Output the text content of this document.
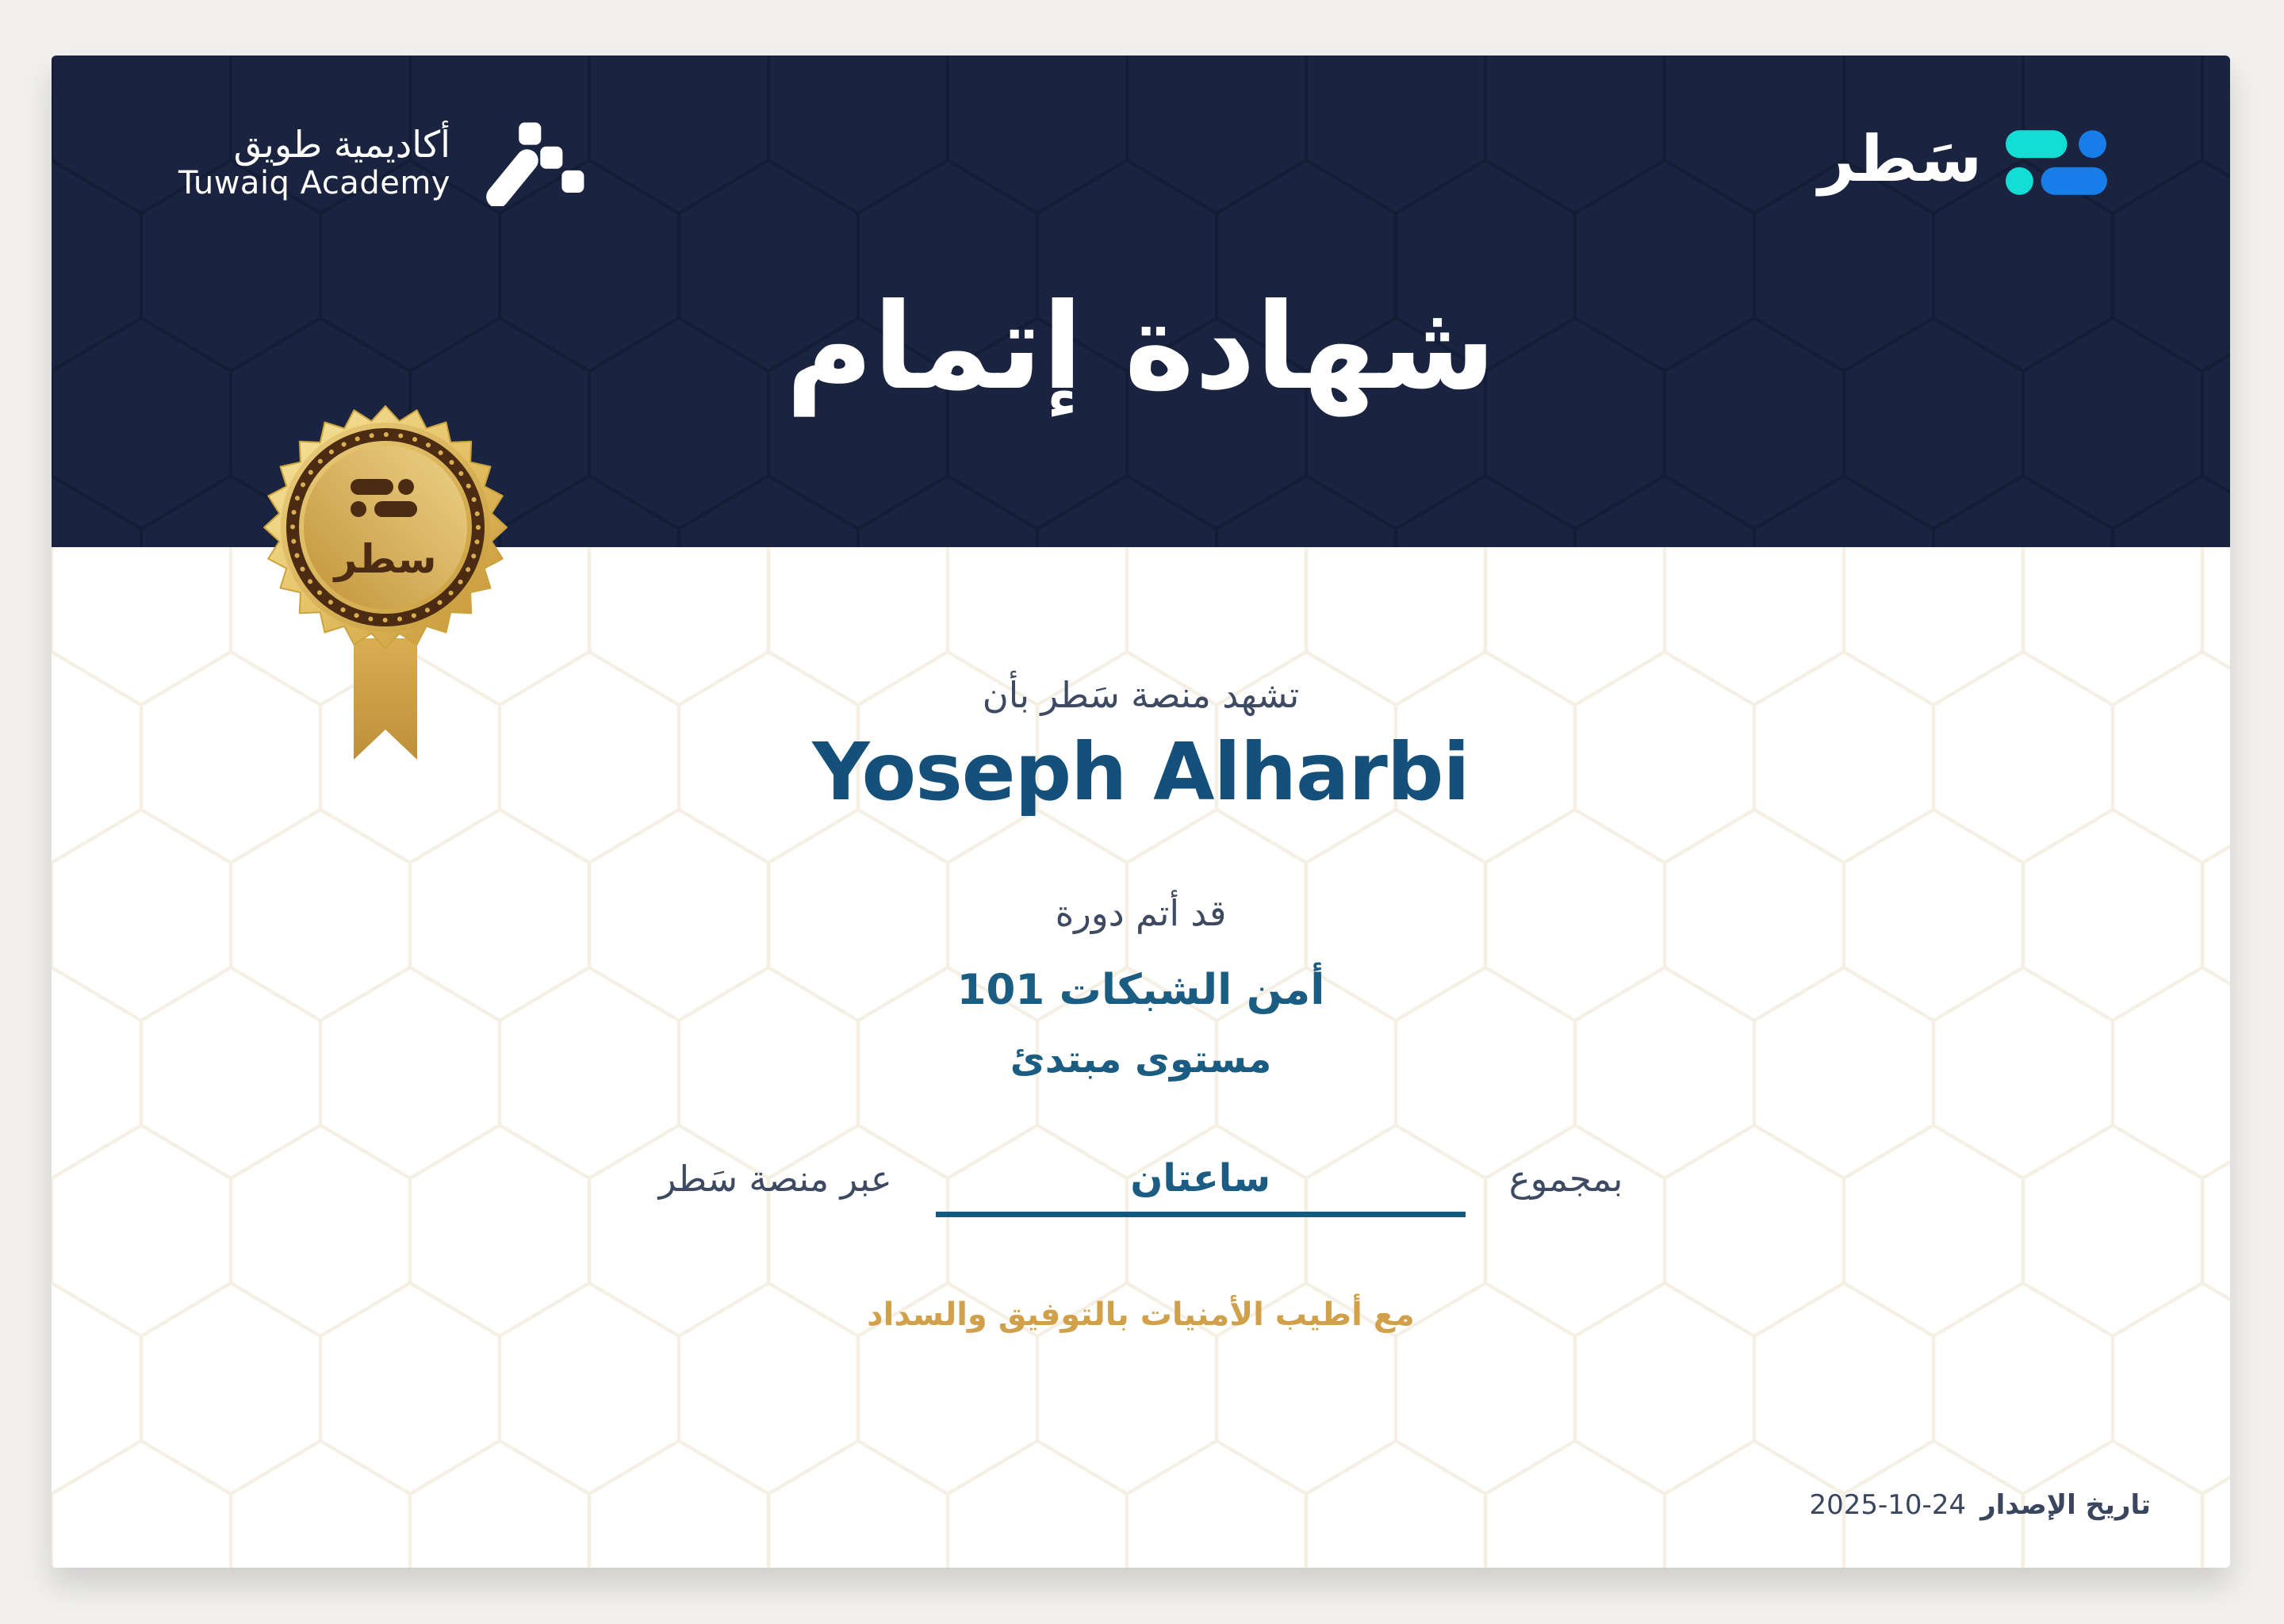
أكاديمية طويق
Tuwaiq Academy	سَطر
شهادة إتمام
سطر
تشهد منصة سَطر بأن
Yoseph Alharbi
قد أتم دورة
أمن الشبكات 101
مستوى مبتدئ
بمجموع
ساعتان
عبر منصة سَطر
مع أطيب الأمنيات بالتوفيق والسداد
تاريخ الإصدار
2025-10-24
